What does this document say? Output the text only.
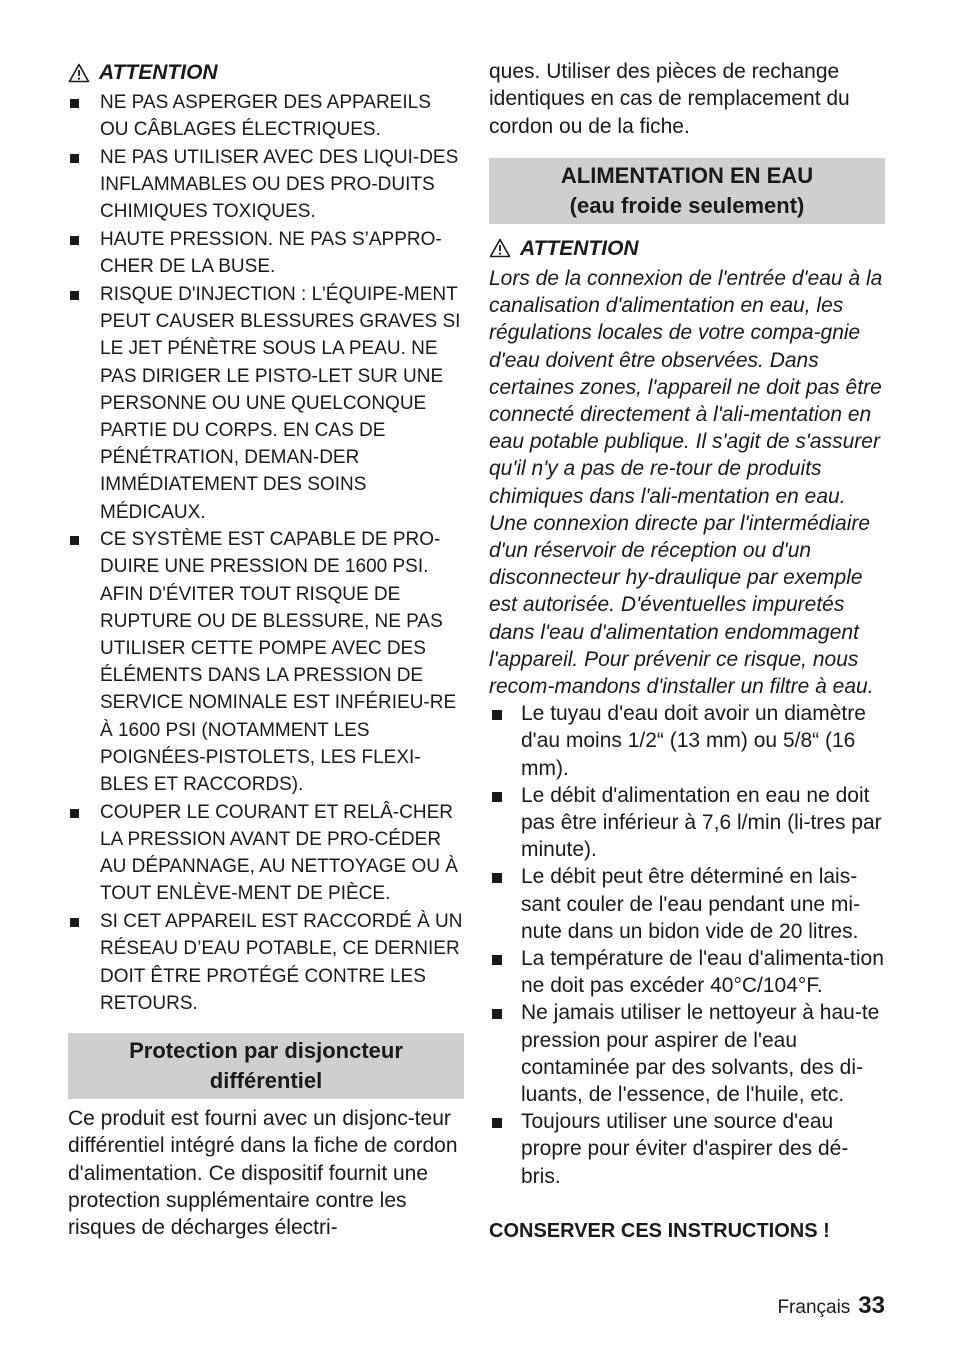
ATTENTION
NE PAS ASPERGER DES APPAREILS OU CÂBLAGES ÉLECTRIQUES.
NE PAS UTILISER AVEC DES LIQUI-DES INFLAMMABLES OU DES PRO-DUITS CHIMIQUES TOXIQUES.
HAUTE PRESSION. NE PAS S’APPRO-CHER DE LA BUSE.
RISQUE D'INJECTION : L'ÉQUIPE-MENT PEUT CAUSER BLESSURES GRAVES SI LE JET PÉNÈTRE SOUS LA PEAU. NE PAS DIRIGER LE PISTO-LET SUR UNE PERSONNE OU UNE QUELCONQUE PARTIE DU CORPS. EN CAS DE PÉNÉTRATION, DEMAN-DER IMMÉDIATEMENT DES SOINS MÉDICAUX.
CE SYSTÈME EST CAPABLE DE PRO-DUIRE UNE PRESSION DE 1600 PSI. AFIN D'ÉVITER TOUT RISQUE DE RUPTURE OU DE BLESSURE, NE PAS UTILISER CETTE POMPE AVEC DES ÉLÉMENTS DANS LA PRESSION DE SERVICE NOMINALE EST INFÉRIEU-RE À 1600 PSI (NOTAMMENT LES POIGNÉES-PISTOLETS, LES FLEXI-BLES ET RACCORDS).
COUPER LE COURANT ET RELÂ-CHER LA PRESSION AVANT DE PRO-CÉDER AU DÉPANNAGE, AU NETTOYAGE OU À TOUT ENLÈVE-MENT DE PIÈCE.
SI CET APPAREIL EST RACCORDÉ À UN RÉSEAU D’EAU POTABLE, CE DERNIER DOIT ÊTRE PROTÉGÉ CONTRE LES RETOURS.
Protection par disjoncteur
différentiel

Ce produit est fourni avec un disjonc-teur différentiel intégré dans la fiche de cordon d'alimentation. Ce dispositif fournit une protection supplémentaire contre les risques de décharges électri-

ques. Utiliser des pièces de rechange identiques en cas de remplacement du cordon ou de la fiche.

ALIMENTATION EN EAU
(eau froide seulement)
ATTENTION

Lors de la connexion de l'entrée d'eau à la canalisation d'alimentation en eau, les régulations locales de votre compa-gnie d'eau doivent être observées. Dans certaines zones, l'appareil ne doit pas être connecté directement à l'ali-mentation en eau potable publique. Il s'agit de s'assurer qu'il n'y a pas de re-tour de produits chimiques dans l'ali-mentation en eau. Une connexion directe par l'intermédiaire d'un réservoir de réception ou d'un disconnecteur hy-draulique par exemple est autorisée. D'éventuelles impuretés dans l'eau d'alimentation endommagent l'appareil. Pour prévenir ce risque, nous recom-mandons d'installer un filtre à eau.

Le tuyau d'eau doit avoir un diamètre d'au moins 1/2“ (13 mm) ou 5/8“ (16 mm).
Le débit d'alimentation en eau ne doit pas être inférieur à 7,6 l/min (li-tres par minute).
Le débit peut être déterminé en lais-sant couler de l'eau pendant une mi-nute dans un bidon vide de 20 litres.
La température de l'eau d'alimenta-tion ne doit pas excéder 40°C/104°F.
Ne jamais utiliser le nettoyeur à hau-te pression pour aspirer de l'eau contaminée par des solvants, des di-luants, de l'essence, de l'huile, etc.
Toujours utiliser une source d'eau propre pour éviter d'aspirer des dé-bris.
CONSERVER CES INSTRUCTIONS !
Français 33
